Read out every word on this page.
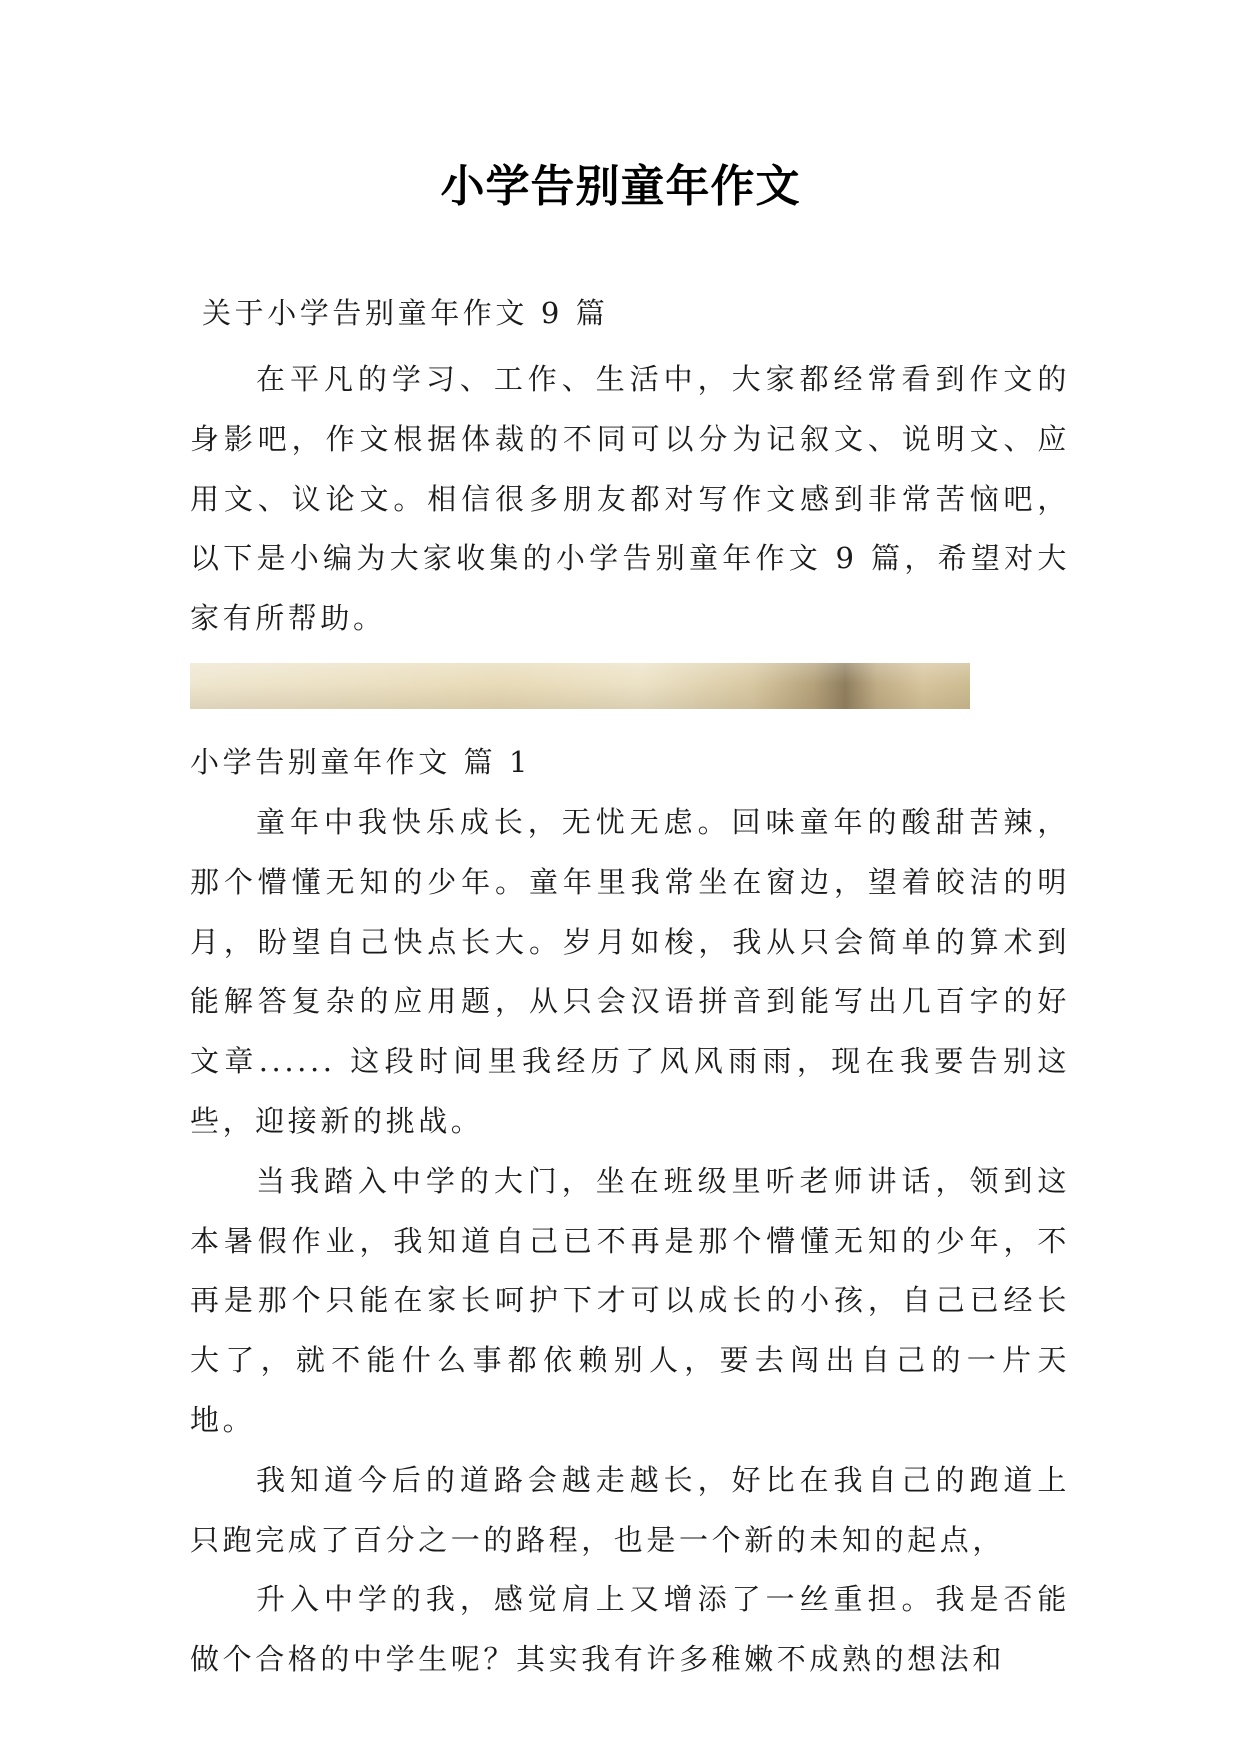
小学告别童年作文
关于小学告别童年作文 9 篇

在平凡的学习、工作、生活中，大家都经常看到作文的身影吧，作文根据体裁的不同可以分为记叙文、说明文、应用文、议论文。相信很多朋友都对写作文感到非常苦恼吧，以下是小编为大家收集的小学告别童年作文 9 篇，希望对大家有所帮助。

小学告别童年作文 篇 1

童年中我快乐成长，无忧无虑。回味童年的酸甜苦辣，那个懵懂无知的少年。童年里我常坐在窗边，望着皎洁的明月，盼望自己快点长大。岁月如梭，我从只会简单的算术到能解答复杂的应用题，从只会汉语拼音到能写出几百字的好文章...... 这段时间里我经历了风风雨雨，现在我要告别这些，迎接新的挑战。

当我踏入中学的大门，坐在班级里听老师讲话，领到这本暑假作业，我知道自己已不再是那个懵懂无知的少年，不再是那个只能在家长呵护下才可以成长的小孩，自己已经长大了，就不能什么事都依赖别人，要去闯出自己的一片天地。

我知道今后的道路会越走越长，好比在我自己的跑道上只跑完成了百分之一的路程，也是一个新的未知的起点，

升入中学的我，感觉肩上又增添了一丝重担。我是否能做个合格的中学生呢？其实我有许多稚嫩不成熟的想法和
